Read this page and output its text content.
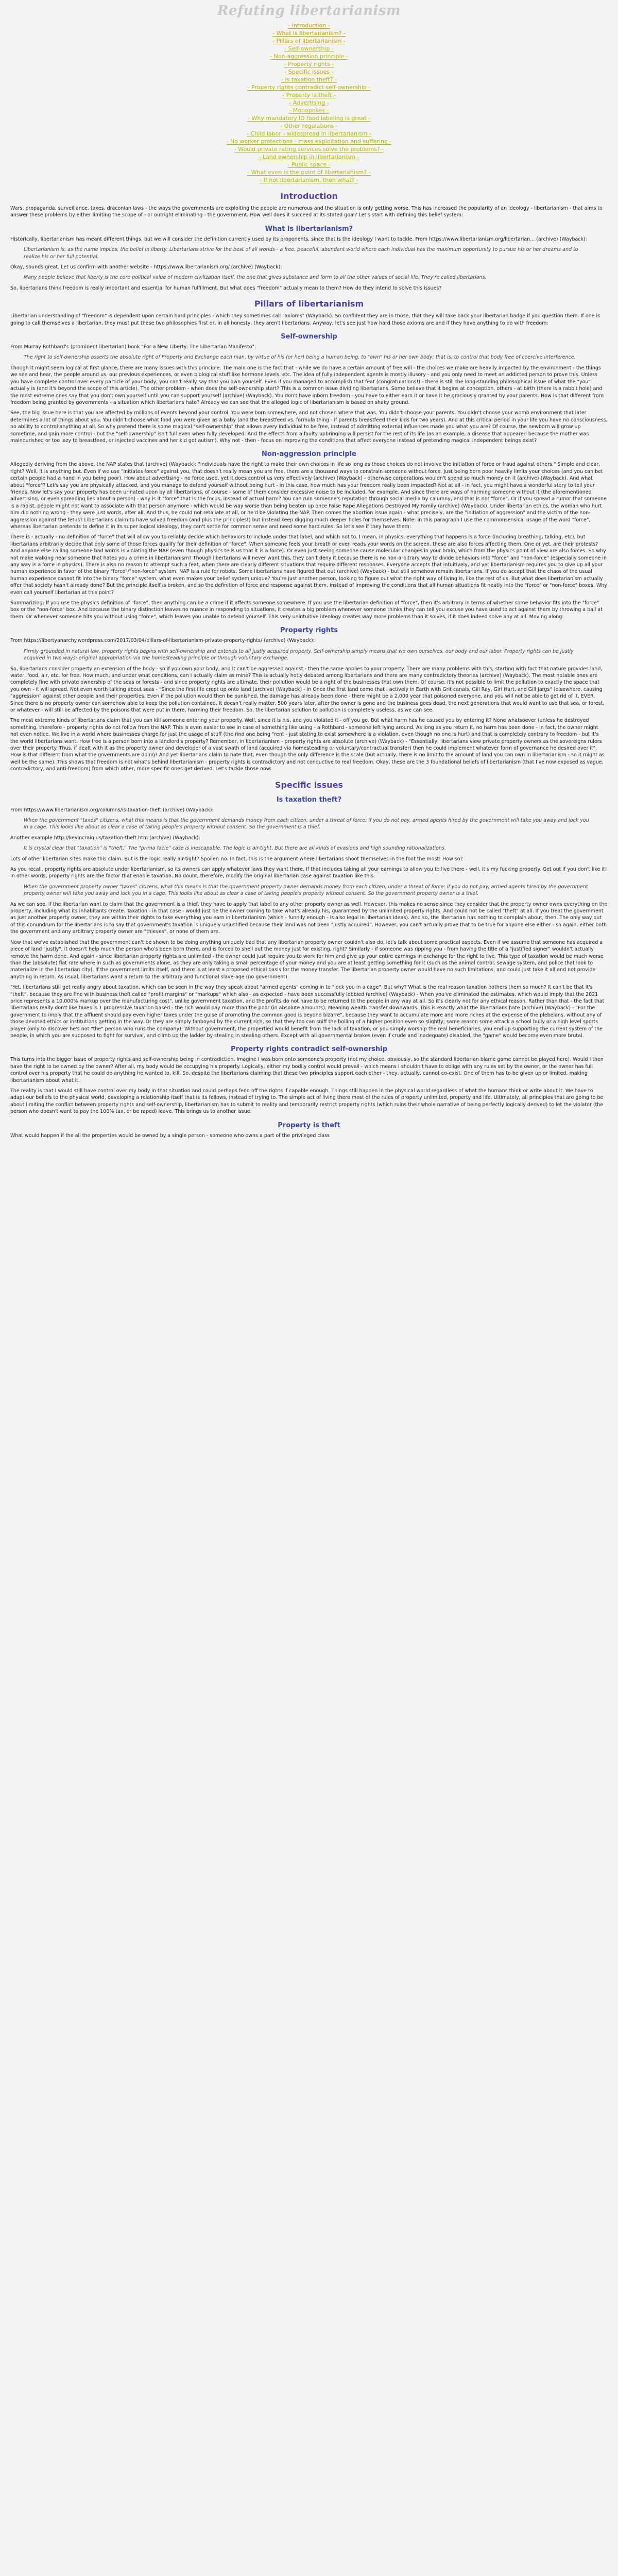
Refuting libertarianism
- Introduction -
- What is libertarianism? -
- Pillars of libertarianism -
- Self-ownership -
- Non-aggression principle -
- Property rights -
- Specific issues -
- Is taxation theft? -
- Property rights contradict self-ownership -
- Property is theft -
- Advertising -
- Monopolies -
- Why mandatory ID food labeling is great -
- Other regulations -
- Child labor - widespread in libertarianism -
- No worker protections - mass exploitation and suffering -
- Would private rating services solve the problems? -
- Land ownership in libertarianism -
- Public space -
- What even is the point of libertarianism? -
- If not libertarianism, then what? -
Introduction

Wars, propaganda, surveillance, taxes, draconian laws - the ways the governments are exploiting the people are numerous and the situation is only getting worse. This has increased the popularity of an ideology - libertarianism - that aims to answer these problems by either limiting the scope of - or outright eliminating - the government. How well does it succeed at its stated goal? Let's start with defining this belief system:

What is libertarianism?

Historically, libertarianism has meant different things, but we will consider the definition currently used by its proponents, since that is the ideology I want to tackle. From https://www.libertarianism.org/libertarian... (archive) (Wayback):

Libertarianism is, as the name implies, the belief in liberty. Libertarians strive for the best of all worlds - a free, peaceful, abundant world where each individual has the maximum opportunity to pursue his or her dreams and to realize his or her full potential.

Okay, sounds great. Let us confirm with another website - https://www.libertarianism.org/ (archive) (Wayback):

Many people believe that liberty is the core political value of modern civilization itself, the one that gives substance and form to all the other values of social life. They're called libertarians.

So, libertarians think freedom is really important and essential for human fulfillment. But what does "freedom" actually mean to them? How do they intend to solve this issues?

Pillars of libertarianism

Libertarian understanding of "freedom" is dependent upon certain hard principles - which they sometimes call "axioms" (Wayback). So confident they are in those, that they will take back your libertarian badge if you question them. If one is going to call themselves a libertarian, they must put these two philosophies first or, in all honesty, they aren't libertarians. Anyway, let's see just how hard those axioms are and if they have anything to do with freedom:

Self-ownership

From Murray Rothbard's (prominent libertarian) book "For a New Liberty: The Libertarian Manifesto":

The right to self-ownership asserts the absolute right of Property and Exchange each man, by virtue of his (or her) being a human being, to "own" his or her own body; that is, to control that body free of coercive interference.

Though it might seem logical at first glance, there are many issues with this principle. The main one is the fact that - while we do have a certain amount of free will - the choices we make are heavily impacted by the environment - the things we see and hear, the people around us, our previous experiences, or even biological stuff like hormone levels, etc. The idea of fully independent agents is mostly illusory - and you only need to meet an addicted person to prove this. Unless you have complete control over every particle of your body, you can't really say that you own yourself. Even if you managed to accomplish that feat (congratulations!) - there is still the long-standing philosophical issue of what the "you" actually is (and it's beyond the scope of this article). The other problem - when does the self-ownership start? This is a common issue dividing libertarians. Some believe that it begins at conception, others - at birth (there is a rabbit hole) and the most extreme ones say that you don't own yourself until you can support yourself (archive) (Wayback). You don't have inborn freedom - you have to either earn it or have it be graciously granted by your parents. How is that different from freedom being granted by governments - a situation which libertarians hate? Already we can see that the alleged logic of libertarianism is based on shaky ground.

See, the big issue here is that you are affected by millions of events beyond your control. You were born somewhere, and not chosen where that was. You didn't choose your parents. You didn't choose your womb environment that later determines a lot of things about you. You didn't choose what food you were given as a baby (and the breastfeed vs. formula thing - if parents breastfeed their kids for two years). And at this critical period in your life you have no consciousness, no ability to control anything at all. So why pretend there is some magical "self-ownership" that allows every individual to be free, instead of admitting external influences made you what you are? Of course, the newborn will grow up sometime, and gain more control - but the "self-ownership" isn't full even when fully developed. And the effects from a faulty upbringing will persist for the rest of its life (as an example, a disease that appeared because the mother was malnourished or too lazy to breastfeed, or injected vaccines and her kid got autism). Why not - then - focus on improving the conditions that affect everyone instead of pretending magical independent beings exist?

Non-aggression principle

Allegedly deriving from the above, the NAP states that (archive) (Wayback): "individuals have the right to make their own choices in life so long as those choices do not involve the initiation of force or fraud against others." Simple and clear, right? Well, it is anything but. Even if we use "initiates force" against you, that doesn't really mean you are free, there are a thousand ways to constrain someone without force. Just being born poor heavily limits your choices (and you can bet certain people had a hand in you being poor). How about advertising - no force used, yet it does control us very effectively (archive) (Wayback) - otherwise corporations wouldn't spend so much money on it (archive) (Wayback). And what about "force"? Let's say you are physically attacked, and you manage to defend yourself without being hurt - in this case, how much has your freedom really been impacted? Not at all - in fact, you might have a wonderful story to tell your friends. Now let's say your property has been urinated upon by all libertarians, of course - some of them consider excessive noise to be included, for example. And since there are ways of harming someone without it (the aforementioned advertising, or even spreading lies about a person) - why is it "force" that is the focus, instead of actual harm? You can ruin someone's reputation through social media by calumny, and that is not "force". Or if you spread a rumor that someone is a rapist, people might not want to associate with that person anymore - which would be way worse than being beaten up once False Rape Allegations Destroyed My Family (archive) (Wayback). Under libertarian ethics, the woman who hurt him did nothing wrong - they were just words, after all. And thus, he could not retaliate at all, or he'd be violating the NAP. Then comes the abortion issue again - what precisely, are the "initiation of aggression" and the victim of the non-aggression against the fetus? Libertarians claim to have solved freedom (and plus the principles!) but instead keep digging much deeper holes for themselves. Note: in this paragraph I use the commonsensical usage of the word "force", whereas libertarian pretends to define it in its super logical ideology, they can't settle for common sense and need some hard rules. So let's see if they have them:

There is - actually - no definition of "force" that will allow you to reliably decide which behaviors to include under that label, and which not to. I mean, in physics, everything that happens is a force (including breathing, talking, etc), but libertarians arbitrarily decide that only some of those forces qualify for their definition of "force". When someone feels your breath or even reads your words on the screen, these are also forces affecting them. One or yet, are their protests? And anyone else calling someone bad words is violating the NAP (even though physics tells us that it is a force). Or even just seeing someone cause molecular changes in your brain, which from the physics point of view are also forces. So why not make walking near someone that hates you a crime in libertarianism? Though libertarians will never want this, they can't deny it because there is no non-arbitrary way to divide behaviors into "force" and "non-force" (especially someone in any way is a force in physics). There is also no reason to attempt such a feat, when there are clearly different situations that require different responses. Everyone accepts that intuitively, and yet libertarianism requires you to give up all your human experience in favor of the binary "force"/"non-force" system. NAP is a rule for robots. Some libertarians have figured that out (archive) (Wayback) - but still somehow remain libertarians. If you do accept that the chaos of the usual human experience cannot fit into the binary "force" system, what even makes your belief system unique? You're just another person, looking to figure out what the right way of living is, like the rest of us. But what does libertarianism actually offer that society hasn't already done? But the principle itself is broken, and so the definition of force and response against them, instead of improving the conditions that all human situations fit neatly into the "force" or "non-force" boxes. Why even call yourself libertarian at this point?

Summarizing: If you use the physics definition of "force", then anything can be a crime if it affects someone somewhere. If you use the libertarian definition of "force", then it's arbitrary in terms of whether some behavior fits into the "force" box or the "non-force" box. And because the binary distinction leaves no nuance in responding to situations, it creates a big problem whenever someone thinks they can tell you excuse you have used to act against them by throwing a ball at them. Or whenever someone hits you without using "force", which leaves you unable to defend yourself. This very unintuitive ideology creates way more problems than it solves, if it does indeed solve any at all. Moving along:

Property rights

From https://libertyanarchy.wordpress.com/2017/03/04/pillars-of-libertarianism-private-property-rights/ (archive) (Wayback):

Firmly grounded in natural law, property rights begins with self-ownership and extends to all justly acquired property. Self-ownership simply means that we own ourselves, our body and our labor. Property rights can be justly acquired in two ways: original appropriation via the homesteading principle or through voluntary exchange.

So, libertarians consider property an extension of the body - so if you own your body, and it can't be aggressed against - then the same applies to your property. There are many problems with this, starting with fact that nature provides land, water, food, air, etc. for free. How much, and under what conditions, can I actually claim as mine? This is actually hotly debated among libertarians and there are many contradictory theories (archive) (Wayback). The most notable ones are completely fine with private ownership of the seas or forests - and since property rights are ultimate, their pollution would be a right of the businesses that own them. Of course, it's not possible to limit the pollution to exactly the space that you own - it will spread. Not even worth talking about seas - "Since the first life crept up onto land (archive) (Wayback) - in Once the first land come that I actively in Earth with Grit canals, Gill Ray, Girl Hart, and Gill Jargs" (elsewhere, causing "aggression" against other people and their properties. Even if the pollution would then be punished, the damage has already been done - there might be a 2,000 year that poisoned everyone, and you will not be able to get rid of it, EVER. Since there is no property owner can somehow able to keep the pollution contained, it doesn't really matter. 500 years later, after the owner is gone and the business goes dead, the next generations that would want to use that sea, or forest, or whatever - will still be affected by the poisons that were put in there, harming their freedom. So, the libertarian solution to pollution is completely useless, as we can see.

The most extreme kinds of libertarians claim that you can kill someone entering your property. Well, since it is his, and you violated it - off you go. But what harm has he caused you by entering it? None whatsoever (unless he destroyed something, therefore - property rights do not follow from the NAP. This is even easier to see in case of something like using - a Rothbard - someone left lying around. As long as you return it, no harm has been done - in fact, the owner might not even notice. We live in a world where businesses charge for just the usage of stuff (the rind one being "rent - just stating to exist somewhere is a violation, even though no one is hurt) and that is completely contrary to freedom - but it's the world libertarians want. How free is a person born into a landlord's property? Remember, in libertarianism - property rights are absolute (archive) (Wayback) - "Essentially, libertarians view private property owners as the sovereigns rulers over their property. Thus, if dealt with it as the property owner and developer of a vast swath of land (acquired via homesteading or voluntary/contractual transfer) then he could implement whatever form of governance he desired over it". How is that different from what the governments are doing? And yet libertarians claim to hate that, even though the only difference is the scale (but actually, there is no limit to the amount of land you can own in libertarianism - so it might as well be the same). This shows that freedom is not what's behind libertarianism - property rights is contradictory and not conductive to real freedom. Okay, these are the 3 foundational beliefs of libertarianism (that I've now exposed as vague, contradictory, and anti-freedom) from which other, more specific ones get derived. Let's tackle those now:

Specific issues
Is taxation theft?

From https://www.libertarianism.org/columns/is-taxation-theft (archive) (Wayback):

When the government "taxes" citizens, what this means is that the government demands money from each citizen, under a threat of force: if you do not pay, armed agents hired by the government will take you away and lock you in a cage. This looks like about as clear a case of taking people's property without consent. So the government is a thief.

Another example http://kevincraig.us/taxation-theft.htm (archive) (Wayback):

It is crystal clear that "taxation" is "theft." The "prima facie" case is inescapable. The logic is air-tight. But there are all kinds of evasions and high sounding rationalizations.

Lots of other libertarian sites make this claim. But is the logic really air-tight? Spoiler: no. In fact, this is the argument where libertarians shoot themselves in the foot the most! How so?

As you recall, property rights are absolute under libertarianism, so its owners can apply whatever laws they want there. If that includes taking all your earnings to allow you to live there - well, it's my fucking property. Get out if you don't like it! In other words, property rights are the factor that enable taxation. No doubt, therefore, modify the original libertarian case against taxation like this:

When the government property owner "taxes" citizens, what this means is that the government property owner demands money from each citizen, under a threat of force: if you do not pay, armed agents hired by the government property owner will take you away and lock you in a cage. This looks like about as clear a case of taking people's property without consent. So the government property owner is a thief.

As we can see, if the libertarian want to claim that the government is a thief, they have to apply that label to any other property owner as well. However, this makes no sense since they consider that the property owner owns everything on the property, including what its inhabitants create. Taxation - in that case - would just be the owner coming to take what's already his, guaranteed by the unlimited property rights. And could not be called "theft" at all. If you treat the government as just another property owner, they are within their rights to take everything you earn in libertarianism (which - funnily enough - is also legal in libertarian ideas). And so, the libertarian has nothing to complain about, then. The only way out of this conundrum for the libertarians is to say that government's taxation is uniquely unjustified because their land was not been "justly acquired". However, you can't actually prove that to be true for anyone else either - so again, either both the government and any arbitrary property owner are "thieves", or none of them are.

Now that we've established that the government can't be shown to be doing anything uniquely bad that any libertarian property owner couldn't also do, let's talk about some practical aspects. Even if we assume that someone has acquired a piece of land "justly", it doesn't help much the person who's been born there, and is forced to shell out the money just for existing, right? Similarly - if someone was ripping you - from having the title of a "justified signer" wouldn't actually remove the harm done. And again - since libertarian property rights are unlimited - the owner could just require you to work for him and give up your entire earnings in exchange for the right to live. This type of taxation would be much worse than the (absolute) flat rate where in such as governments alone, as they are only taking a small percentage of your money and you are at least getting something for it (such as the animal control, sewage system, and police that look to materialize in the libertarian city). If the government limits itself, and there is at least a proposed ethical basis for the money transfer. The libertarian property owner would have no such limitations, and could just take it all and not provide anything in return. As usual, libertarians want a return to the arbitrary and functional slave-age (no government).

"Yet, libertarians still get really angry about taxation, which can be seen in the way they speak about "armed agents" coming in to "lock you in a cage". But why? What is the real reason taxation bothers them so much? It can't be that it's "theft", because they are fine with business theft called "profit margins" or "markups" which also - as expected - have been successfully lobbied (archive) (Wayback) - When you've eliminated the estimates, which would imply that the 2021 price represents a 10,000% markup over the manufacturing cost", unlike government taxation, and the profits do not have to be returned to the people in any way at all. So it's clearly not for any ethical reason. Rather than that - the fact that libertarians really don't like taxes is 1 progressive taxation based - the rich would pay more than the poor (in absolute amounts). Meaning wealth transfer downwards. This is exactly what the libertarians hate (archive) (Wayback) - "For the government to imply that the affluent should pay even higher taxes under the guise of promoting the common good is beyond bizarre", because they want to accumulate more and more riches at the expense of the plebeians, without any of those devoted ethics or institutions getting in the way. Or they are simply fanboyed by the current rich, so that they too can sniff the boiling of a higher position even so slightly; same reason some attack a school bully or a high level sports player (only to discover he's not "the" person who runs the company). Without government, the propertied would benefit from the lack of taxation, or you simply worship the real beneficiaries, you end up supporting the current system of the people, in which you are supposed to fight for survival, and climb up the ladder by stealing in stealing others. Except with all governmental brakes (even if crude and inadequate) disabled, the "game" would become even more brutal.

Property rights contradict self-ownership

This turns into the bigger issue of property rights and self-ownership being in contradiction. Imagine I was born onto someone's property (not my choice, obviously, so the standard libertarian blame game cannot be played here). Would I then have the right to be owned by the owner? After all, my body would be occupying his property. Logically, either my bodily control would prevail - which means I shouldn't have to oblige with any rules set by the owner, or the owner has full control over his property that he could do anything he wanted to, kill, So, despite the libertarians claiming that these two principles support each other - they, actually, cannot co-exist. One of them has to be given up or limited, making libertarianism about what it.

The reality is that I would still have control over my body in that situation and could perhaps fend off the rights if capable enough. Things still happen in the physical world regardless of what the humans think or write about it. We have to adapt our beliefs to the physical world, developing a relationship itself that is its fellows, instead of trying to. The simple act of living there most of the rules of property unlimited, property and life. Ultimately, all principles that are going to be about limiting the conflict between property rights and self-ownership, libertarianism has to submit to reality and temporarily restrict property rights (which ruins their whole narrative of being perfectly logically derived) to let the violator (the person who doesn't want to pay the 100% tax, or be raped) leave. This brings us to another issue:

Property is theft

What would happen if the all the properties would be owned by a single person - someone who owns a part of the privileged class
